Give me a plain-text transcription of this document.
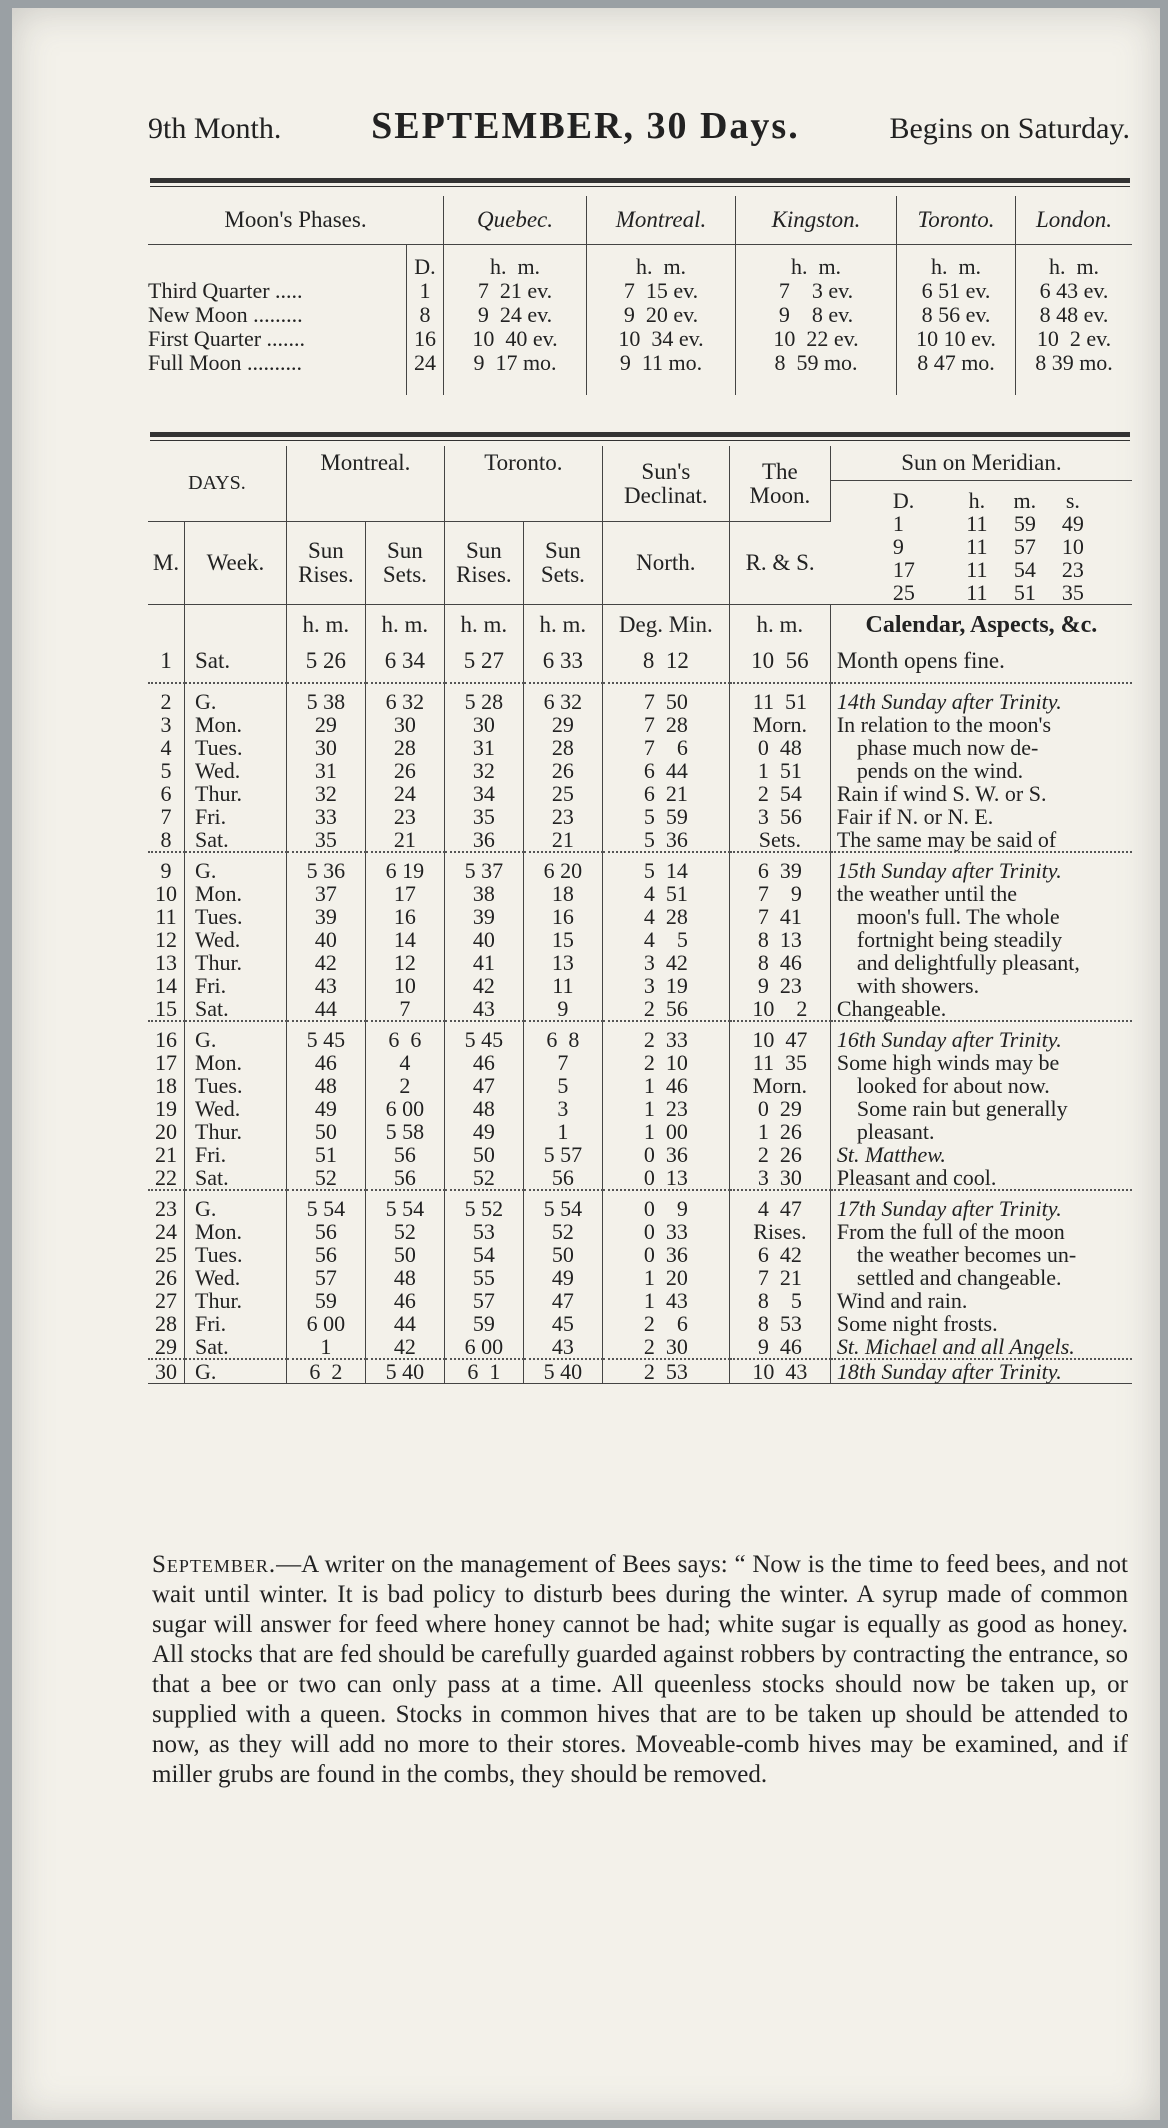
9th Month. SEPTEMBER, 30 Days.	Begins on Saturday.
Moon's Phases.		Quebec.	Montreal.	Kingston.	Toronto.	London.
	D.	h.  m.	h.  m.	h.  m.	h.  m.	h.  m.
Third Quarter .....	1	7  21 ev.	7  15 ev.	7    3 ev.	6 51 ev.	6 43 ev.
New Moon .........	8	9  24 ev.	9  20 ev.	9    8 ev.	8 56 ev.	8 48 ev.
First Quarter .......	16	10  40 ev.	10  34 ev.	10  22 ev.	10 10 ev.	10  2 ev.
Full Moon ..........	24	9  17 mo.	9  11 mo.	8  59 mo.	8 47 mo.	8 39 mo.
DAYS.	Montreal.	Toronto.	Sun's Declinat.	The Moon.	Sun on Meridian.

D.	h.	m.	s.
1	11	59	49
9	11	57	10
17	11	54	23
25	11	51	35

M.	Week.	Sun Rises.	Sun Sets.	Sun Rises.	Sun Sets.	North.	R. & S.
		h. m.	h. m.	h. m.	h. m.	Deg. Min.	h. m.	Calendar, Aspects, &c.
1	Sat.	5 26	6 34	5 27	6 33	8  12	10  56	Month opens fine.
2	G.	5 38	6 32	5 28	6 32	7  50	11  51	14th Sunday after Trinity.
3	Mon.	29	30	30	29	7  28	Morn.	In relation to the moon's
4	Tues.	30	28	31	28	7    6	0  48	phase much now de-
5	Wed.	31	26	32	26	6  44	1  51	pends on the wind.
6	Thur.	32	24	34	25	6  21	2  54	Rain if wind S. W. or S.
7	Fri.	33	23	35	23	5  59	3  56	Fair if N. or N. E.
8	Sat.	35	21	36	21	5  36	Sets.	The same may be said of
9	G.	5 36	6 19	5 37	6 20	5  14	6  39	15th Sunday after Trinity.
10	Mon.	37	17	38	18	4  51	7    9	the weather until the
11	Tues.	39	16	39	16	4  28	7  41	moon's full. The whole
12	Wed.	40	14	40	15	4    5	8  13	fortnight being steadily
13	Thur.	42	12	41	13	3  42	8  46	and delightfully pleasant,
14	Fri.	43	10	42	11	3  19	9  23	with showers.
15	Sat.	44	7	43	9	2  56	10    2	Changeable.
16	G.	5 45	6  6	5 45	6  8	2  33	10  47	16th Sunday after Trinity.
17	Mon.	46	4	46	7	2  10	11  35	Some high winds may be
18	Tues.	48	2	47	5	1  46	Morn.	looked for about now.
19	Wed.	49	6 00	48	3	1  23	0  29	Some rain but generally
20	Thur.	50	5 58	49	1	1  00	1  26	pleasant.
21	Fri.	51	56	50	5 57	0  36	2  26	St. Matthew.
22	Sat.	52	56	52	56	0  13	3  30	Pleasant and cool.
23	G.	5 54	5 54	5 52	5 54	0    9	4  47	17th Sunday after Trinity.
24	Mon.	56	52	53	52	0  33	Rises.	From the full of the moon
25	Tues.	56	50	54	50	0  36	6  42	the weather becomes un-
26	Wed.	57	48	55	49	1  20	7  21	settled and changeable.
27	Thur.	59	46	57	47	1  43	8    5	Wind and rain.
28	Fri.	6 00	44	59	45	2    6	8  53	Some night frosts.
29	Sat.	1	42	6 00	43	2  30	9  46	St. Michael and all Angels.
30	G.	6  2	5 40	6  1	5 40	2  53	10  43	18th Sunday after Trinity.
September.—A writer on the management of Bees says: “ Now is the time to feed bees, and not wait until winter. It is bad policy to disturb bees during the winter. A syrup made of common sugar will answer for feed where honey cannot be had; white sugar is equally as good as honey. All stocks that are fed should be carefully guarded against robbers by contracting the entrance, so that a bee or two can only pass at a time. All queenless stocks should now be taken up, or supplied with a queen. Stocks in common hives that are to be taken up should be attended to now, as they will add no more to their stores. Moveable-comb hives may be examined, and if miller grubs are found in the combs, they should be removed.
